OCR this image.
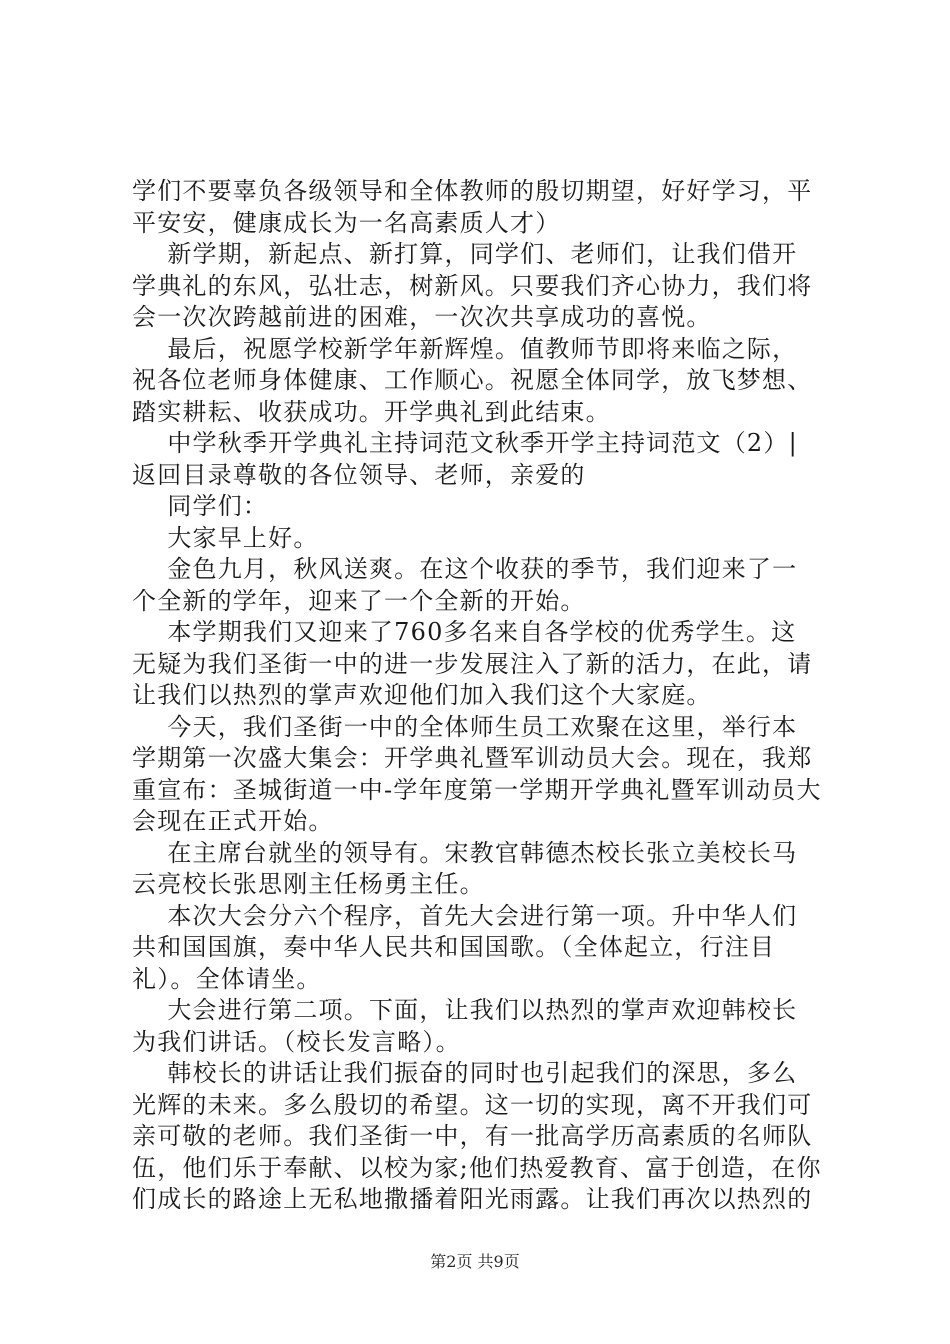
学们不要辜负各级领导和全体教师的殷切期望，好好学习，平
平安安，健康成长为一名高素质人才）

新学期，新起点、新打算，同学们、老师们，让我们借开
学典礼的东风，弘壮志，树新风。只要我们齐心协力，我们将
会一次次跨越前进的困难，一次次共享成功的喜悦。

最后，祝愿学校新学年新辉煌。值教师节即将来临之际，
祝各位老师身体健康、工作顺心。祝愿全体同学，放飞梦想、
踏实耕耘、收获成功。开学典礼到此结束。

中学秋季开学典礼主持词范文秋季开学主持词范文（2）|
返回目录尊敬的各位领导、老师，亲爱的

同学们：

大家早上好。

金色九月，秋风送爽。在这个收获的季节，我们迎来了一
个全新的学年，迎来了一个全新的开始。

本学期我们又迎来了760多名来自各学校的优秀学生。这
无疑为我们圣街一中的进一步发展注入了新的活力，在此，请
让我们以热烈的掌声欢迎他们加入我们这个大家庭。

今天，我们圣街一中的全体师生员工欢聚在这里，举行本
学期第一次盛大集会：开学典礼暨军训动员大会。现在，我郑
重宣布：圣城街道一中-学年度第一学期开学典礼暨军训动员大
会现在正式开始。

在主席台就坐的领导有。宋教官韩德杰校长张立美校长马
云亮校长张思刚主任杨勇主任。

本次大会分六个程序，首先大会进行第一项。升中华人们
共和国国旗，奏中华人民共和国国歌。（全体起立，行注目
礼）。全体请坐。

大会进行第二项。下面，让我们以热烈的掌声欢迎韩校长
为我们讲话。（校长发言略）。

韩校长的讲话让我们振奋的同时也引起我们的深思，多么
光辉的未来。多么殷切的希望。这一切的实现，离不开我们可
亲可敬的老师。我们圣街一中，有一批高学历高素质的名师队
伍，他们乐于奉献、以校为家;他们热爱教育、富于创造，在你
们成长的路途上无私地撒播着阳光雨露。让我们再次以热烈的

第2页 共9页
